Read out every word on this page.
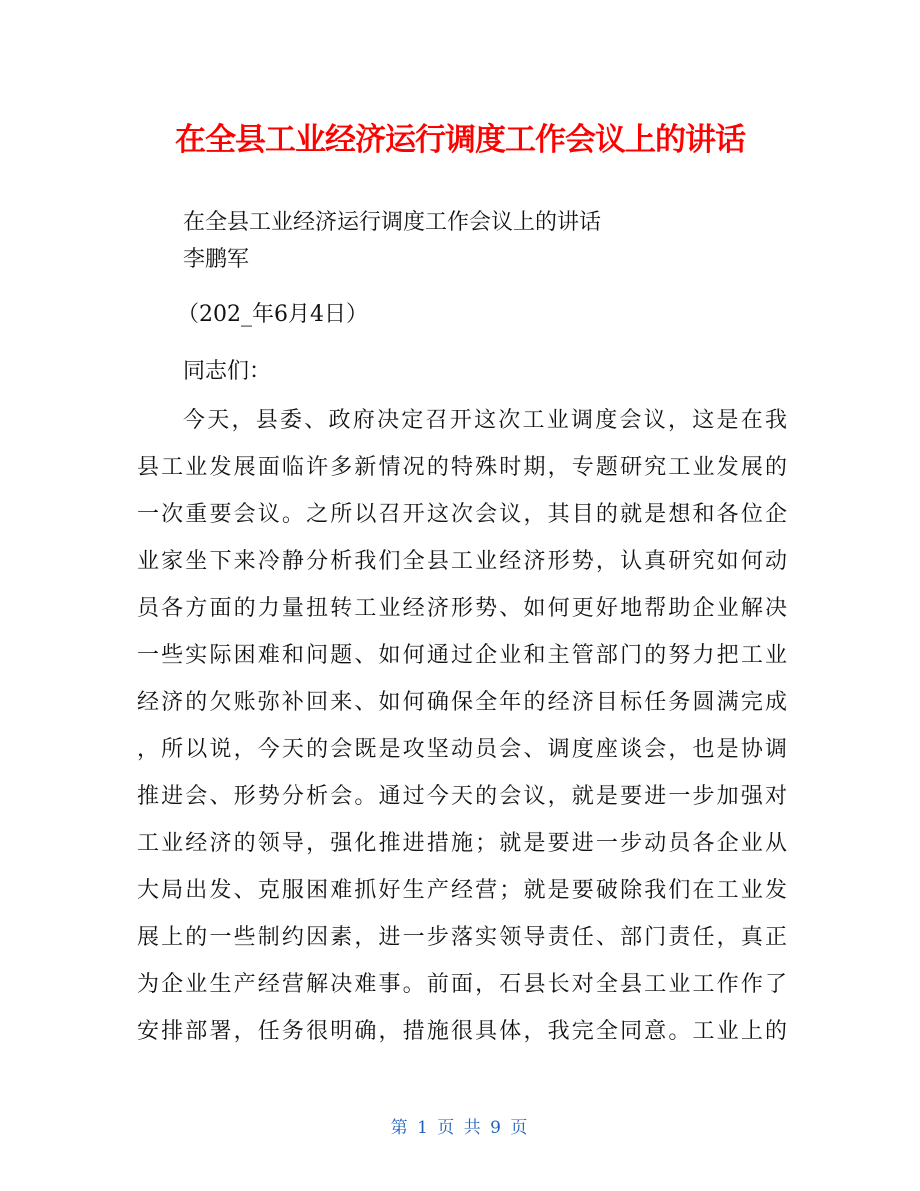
在全县工业经济运行调度工作会议上的讲话
在全县工业经济运行调度工作会议上的讲话
李鹏军
（202_年6月4日）
同志们：
今天，县委、政府决定召开这次工业调度会议，这是在我
县工业发展面临许多新情况的特殊时期，专题研究工业发展的
一次重要会议。之所以召开这次会议，其目的就是想和各位企
业家坐下来冷静分析我们全县工业经济形势，认真研究如何动
员各方面的力量扭转工业经济形势、如何更好地帮助企业解决
一些实际困难和问题、如何通过企业和主管部门的努力把工业
经济的欠账弥补回来、如何确保全年的经济目标任务圆满完成
，所以说，今天的会既是攻坚动员会、调度座谈会，也是协调
推进会、形势分析会。通过今天的会议，就是要进一步加强对
工业经济的领导，强化推进措施；就是要进一步动员各企业从
大局出发、克服困难抓好生产经营；就是要破除我们在工业发
展上的一些制约因素，进一步落实领导责任、部门责任，真正
为企业生产经营解决难事。前面，石县长对全县工业工作作了
安排部署，任务很明确，措施很具体，我完全同意。工业上的
第 1 页 共 9 页
